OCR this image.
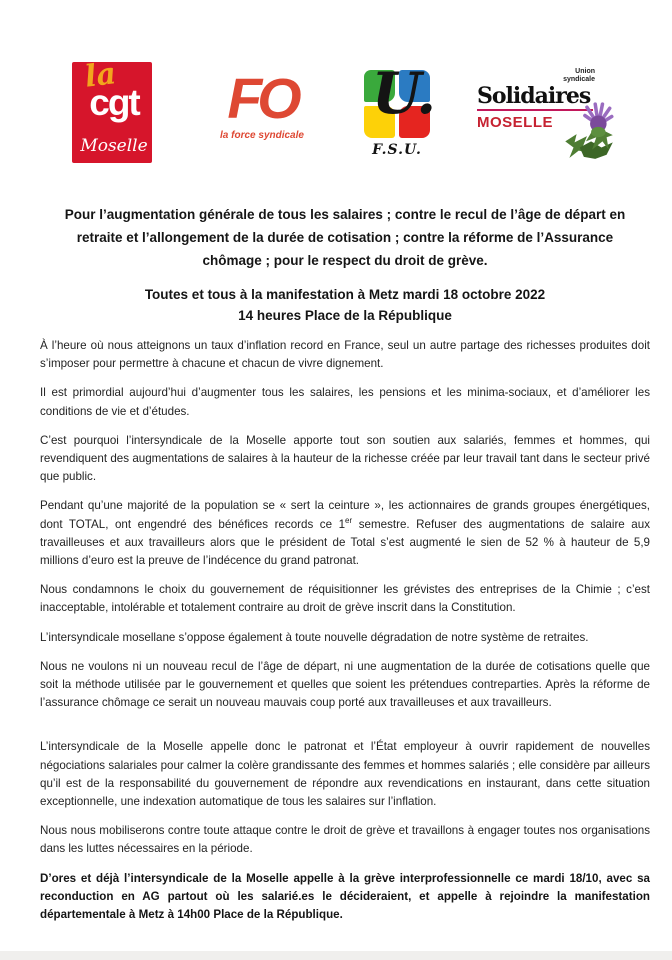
la
cgt
Moselle
FO
la force syndicale
U.
F.S.U.
Union
syndicale
Solidaires
MOSELLE

Pour l’augmentation générale de tous les salaires ; contre le recul de l’âge de départ en retraite et l’allongement de la durée de cotisation ; contre la réforme de l’Assurance chômage ; pour le respect du droit de grève.

Toutes et tous à la manifestation à Metz mardi 18 octobre 2022
14 heures Place de la République

À l’heure où nous atteignons un taux d’inflation record en France, seul un autre partage des richesses produites doit s’imposer pour permettre à chacune et chacun de vivre dignement.

Il est primordial aujourd’hui d’augmenter tous les salaires, les pensions et les minima-sociaux, et d’améliorer les conditions de vie et d’études.

C’est pourquoi l’intersyndicale de la Moselle apporte tout son soutien aux salariés, femmes et hommes, qui revendiquent des augmentations de salaires à la hauteur de la richesse créée par leur travail tant dans le secteur privé que public.

Pendant qu’une majorité de la population se « sert la ceinture », les actionnaires de grands groupes énergétiques, dont TOTAL, ont engendré des bénéfices records ce 1er semestre. Refuser des augmentations de salaire aux travailleuses et aux travailleurs alors que le président de Total s’est augmenté le sien de 52 % à hauteur de 5,9 millions d’euro est la preuve de l’indécence du grand patronat.

Nous condamnons le choix du gouvernement de réquisitionner les grévistes des entreprises de la Chimie ; c’est inacceptable, intolérable et totalement contraire au droit de grève inscrit dans la Constitution.

L’intersyndicale mosellane s’oppose également à toute nouvelle dégradation de notre système de retraites.

Nous ne voulons ni un nouveau recul de l’âge de départ, ni une augmentation de la durée de cotisations quelle que soit la méthode utilisée par le gouvernement et quelles que soient les prétendues contreparties. Après la réforme de l’assurance chômage ce serait un nouveau mauvais coup porté aux travailleuses et aux travailleurs.

L’intersyndicale de la Moselle appelle donc le patronat et l’État employeur à ouvrir rapidement de nouvelles négociations salariales pour calmer la colère grandissante des femmes et hommes salariés ; elle considère par ailleurs qu’il est de la responsabilité du gouvernement de répondre aux revendications en instaurant, dans cette situation exceptionnelle, une indexation automatique de tous les salaires sur l’inflation.

Nous nous mobiliserons contre toute attaque contre le droit de grève et travaillons à engager toutes nos organisations dans les luttes nécessaires en la période.

D’ores et déjà l’intersyndicale de la Moselle appelle à la grève interprofessionnelle ce mardi 18/10, avec sa reconduction en AG partout où les salarié.es le décideraient, et appelle à rejoindre la manifestation départementale à Metz à 14h00 Place de la République.
